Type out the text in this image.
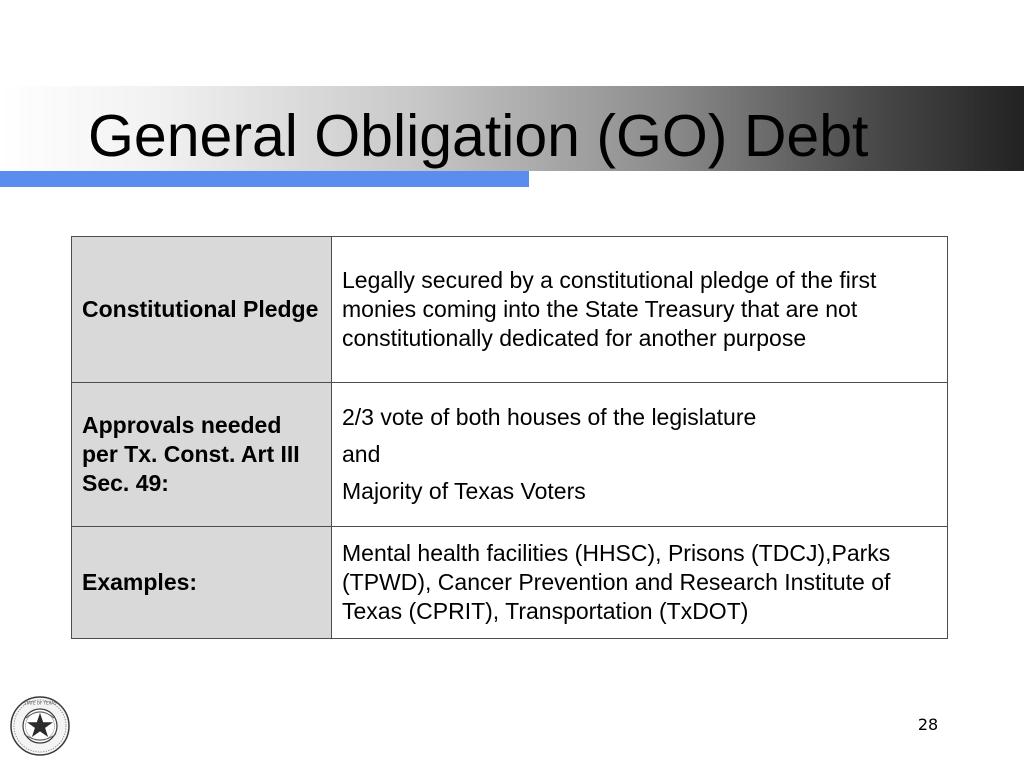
General Obligation (GO) Debt
Constitutional Pledge	Legally secured by a constitutional pledge of the first monies coming into the State Treasury that are not constitutionally dedicated for another purpose

Approvals needed per Tx. Const. Art III Sec. 49:	2/3 vote of both houses of the legislature
and
Majority of Texas Voters

Examples:	Mental health facilities (HHSC), Prisons (TDCJ),Parks (TPWD), Cancer Prevention and Research Institute of Texas (CPRIT), Transportation (TxDOT)
STATE OF TEXAS
28
